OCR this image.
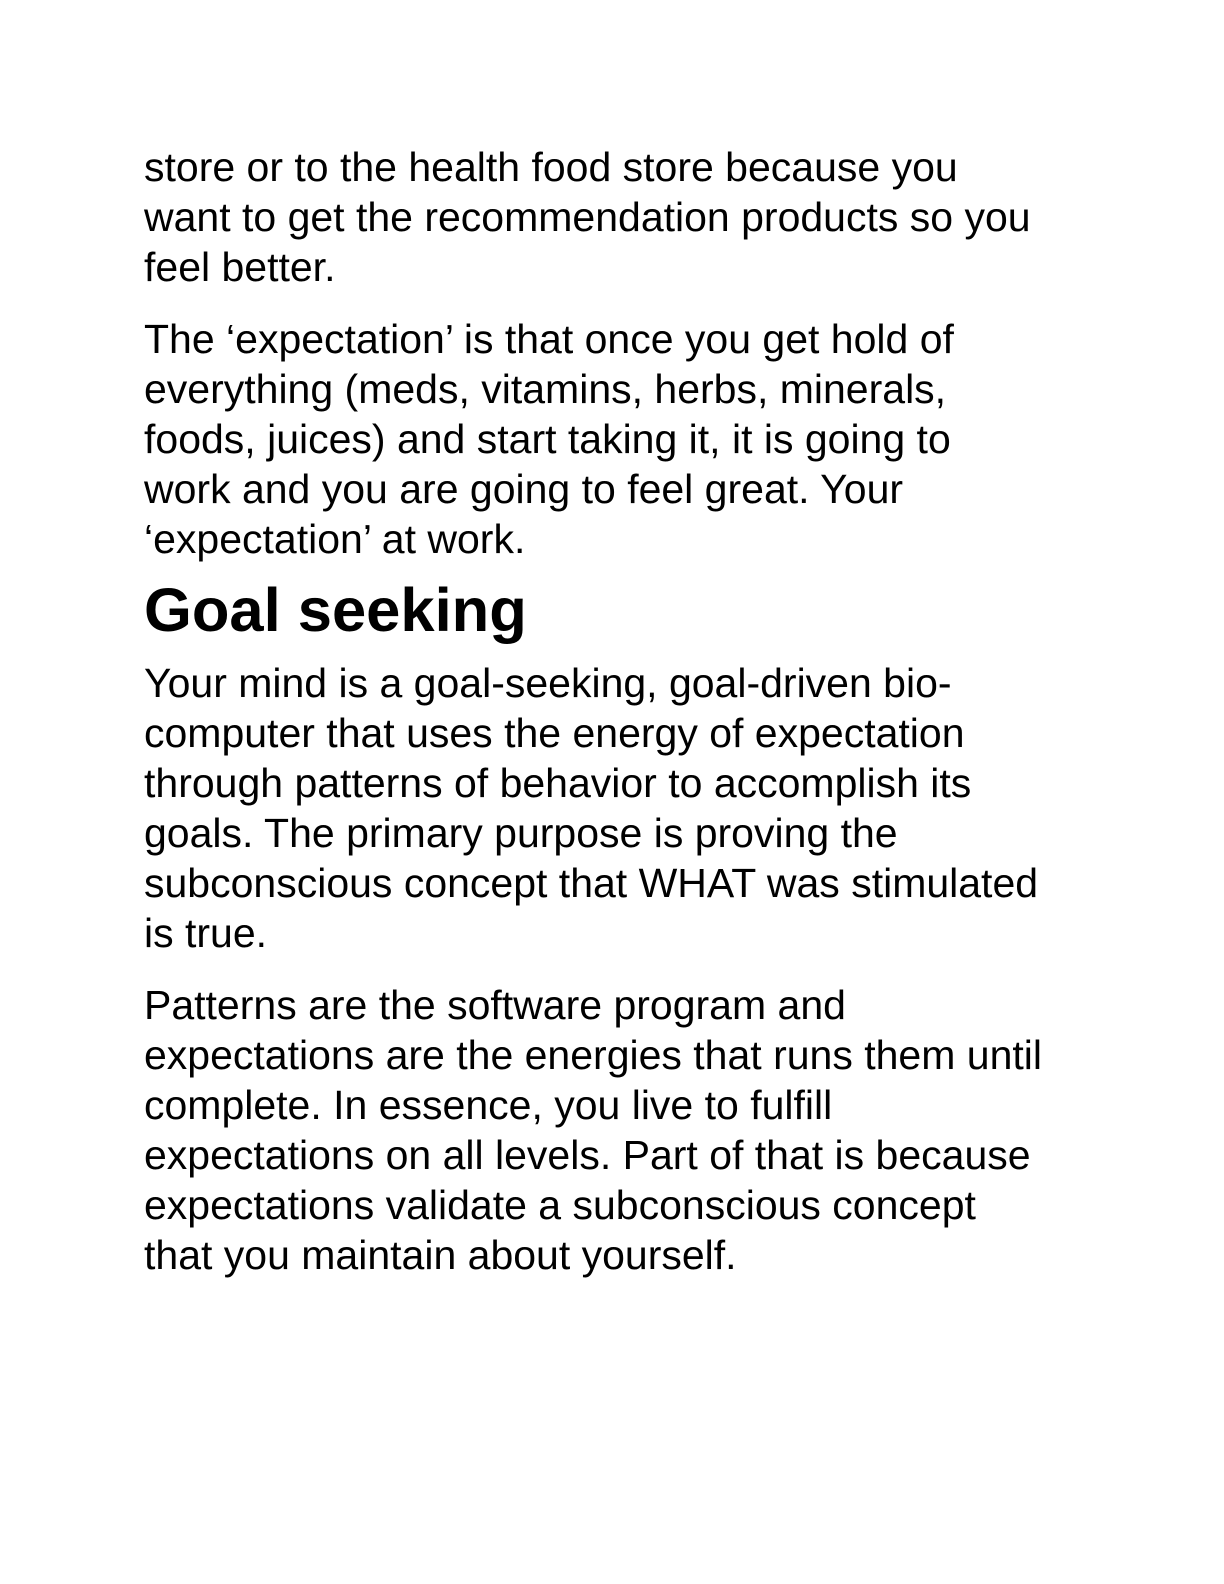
store or to the health food store because you
want to get the recommendation products so you
feel better.

The ‘expectation’ is that once you get hold of
everything (meds, vitamins, herbs, minerals,
foods, juices) and start taking it, it is going to
work and you are going to feel great. Your
‘expectation’ at work.

Goal seeking

Your mind is a goal-seeking, goal-driven bio-
computer that uses the energy of expectation
through patterns of behavior to accomplish its
goals. The primary purpose is proving the
subconscious concept that WHAT was stimulated
is true.

Patterns are the software program and
expectations are the energies that runs them until
complete. In essence, you live to fulfill
expectations on all levels. Part of that is because
expectations validate a subconscious concept
that you maintain about yourself.
